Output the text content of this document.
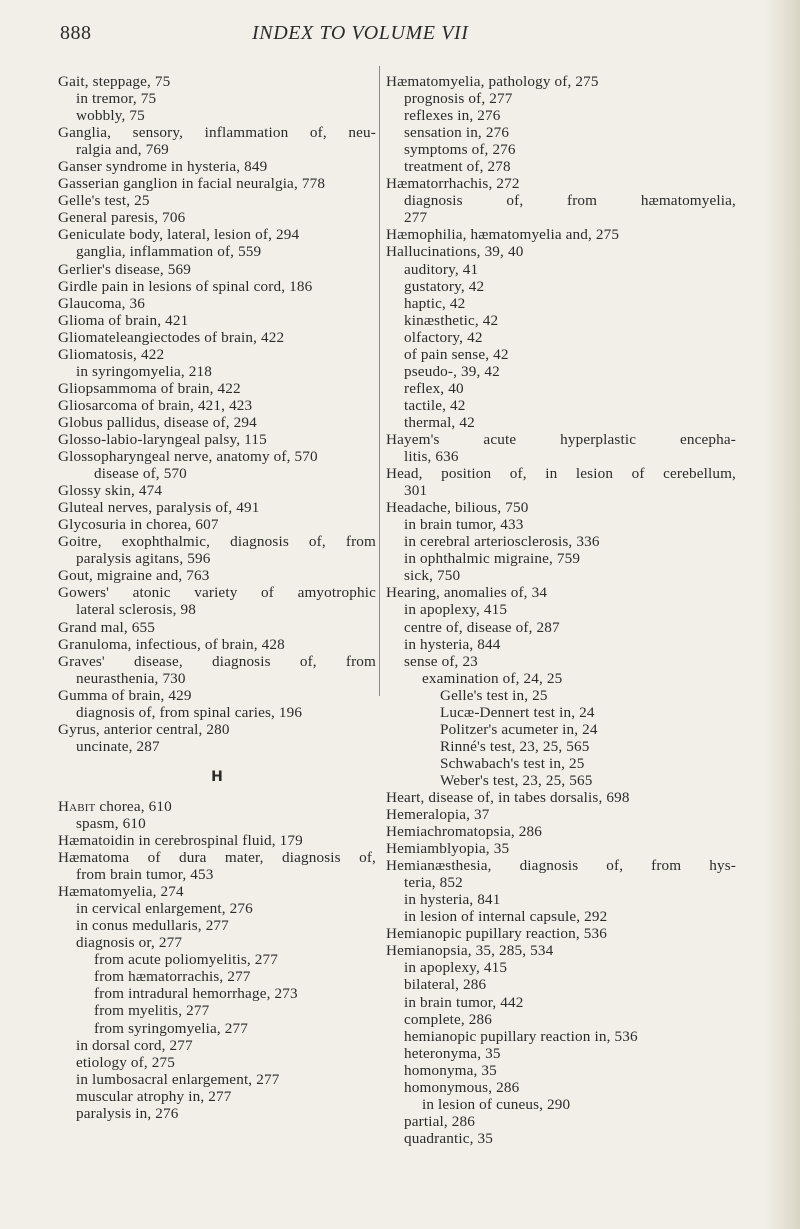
888	INDEX TO VOLUME VII
Gait, steppage, 75
in tremor, 75
wobbly, 75
Ganglia, sensory, inflammation of, neu-
ralgia and, 769
Ganser syndrome in hysteria, 849
Gasserian ganglion in facial neuralgia, 778
Gelle's test, 25
General paresis, 706
Geniculate body, lateral, lesion of, 294
ganglia, inflammation of, 559
Gerlier's disease, 569
Girdle pain in lesions of spinal cord, 186
Glaucoma, 36
Glioma of brain, 421
Gliomateleangiectodes of brain, 422
Gliomatosis, 422
in syringomyelia, 218
Gliopsammoma of brain, 422
Gliosarcoma of brain, 421, 423
Globus pallidus, disease of, 294
Glosso-labio-laryngeal palsy, 115
Glossopharyngeal nerve, anatomy of, 570
disease of, 570
Glossy skin, 474
Gluteal nerves, paralysis of, 491
Glycosuria in chorea, 607
Goitre, exophthalmic, diagnosis of, from
paralysis agitans, 596
Gout, migraine and, 763
Gowers' atonic variety of amyotrophic
lateral sclerosis, 98
Grand mal, 655
Granuloma, infectious, of brain, 428
Graves' disease, diagnosis of, from
neurasthenia, 730
Gumma of brain, 429
diagnosis of, from spinal caries, 196
Gyrus, anterior central, 280
uncinate, 287
H
Habit chorea, 610
spasm, 610
Hæmatoidin in cerebrospinal fluid, 179
Hæmatoma of dura mater, diagnosis of,
from brain tumor, 453
Hæmatomyelia, 274
in cervical enlargement, 276
in conus medullaris, 277
diagnosis or, 277
from acute poliomyelitis, 277
from hæmatorrachis, 277
from intradural hemorrhage, 273
from myelitis, 277
from syringomyelia, 277
in dorsal cord, 277
etiology of, 275
in lumbosacral enlargement, 277
muscular atrophy in, 277
paralysis in, 276
Hæmatomyelia, pathology of, 275
prognosis of, 277
reflexes in, 276
sensation in, 276
symptoms of, 276
treatment of, 278
Hæmatorrhachis, 272
diagnosis of, from hæmatomyelia,
277
Hæmophilia, hæmatomyelia and, 275
Hallucinations, 39, 40
auditory, 41
gustatory, 42
haptic, 42
kinæsthetic, 42
olfactory, 42
of pain sense, 42
pseudo-, 39, 42
reflex, 40
tactile, 42
thermal, 42
Hayem's acute hyperplastic encepha-
litis, 636
Head, position of, in lesion of cerebellum,
301
Headache, bilious, 750
in brain tumor, 433
in cerebral arteriosclerosis, 336
in ophthalmic migraine, 759
sick, 750
Hearing, anomalies of, 34
in apoplexy, 415
centre of, disease of, 287
in hysteria, 844
sense of, 23
examination of, 24, 25
Gelle's test in, 25
Lucæ-Dennert test in, 24
Politzer's acumeter in, 24
Rinné's test, 23, 25, 565
Schwabach's test in, 25
Weber's test, 23, 25, 565
Heart, disease of, in tabes dorsalis, 698
Hemeralopia, 37
Hemiachromatopsia, 286
Hemiamblyopia, 35
Hemianæsthesia, diagnosis of, from hys-
teria, 852
in hysteria, 841
in lesion of internal capsule, 292
Hemianopic pupillary reaction, 536
Hemianopsia, 35, 285, 534
in apoplexy, 415
bilateral, 286
in brain tumor, 442
complete, 286
hemianopic pupillary reaction in, 536
heteronyma, 35
homonyma, 35
homonymous, 286
in lesion of cuneus, 290
partial, 286
quadrantic, 35
